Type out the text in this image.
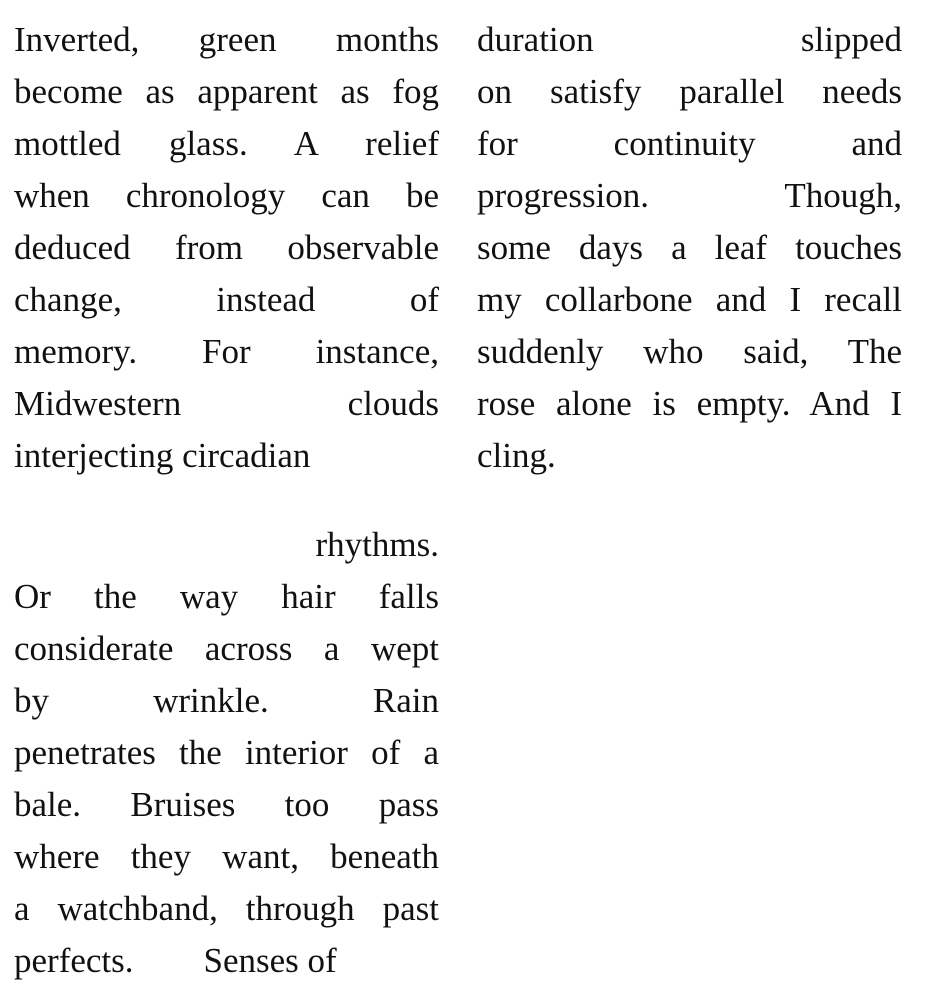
Inverted, green months
become as apparent as fog
mottled glass. A relief
when chronology can be
deduced from observable
change, instead of
memory. For instance,
Midwestern clouds
interjecting circadian
rhythms.
Or the way hair falls
considerate across a wept
by wrinkle. Rain
penetrates the interior of a
bale. Bruises too pass
where they want, beneath
a watchband, through past
perfects. Senses of
duration slipped
on satisfy parallel needs
for continuity and
progression. Though,
some days a leaf touches
my collarbone and I recall
suddenly who said, The
rose alone is empty. And I
cling.
